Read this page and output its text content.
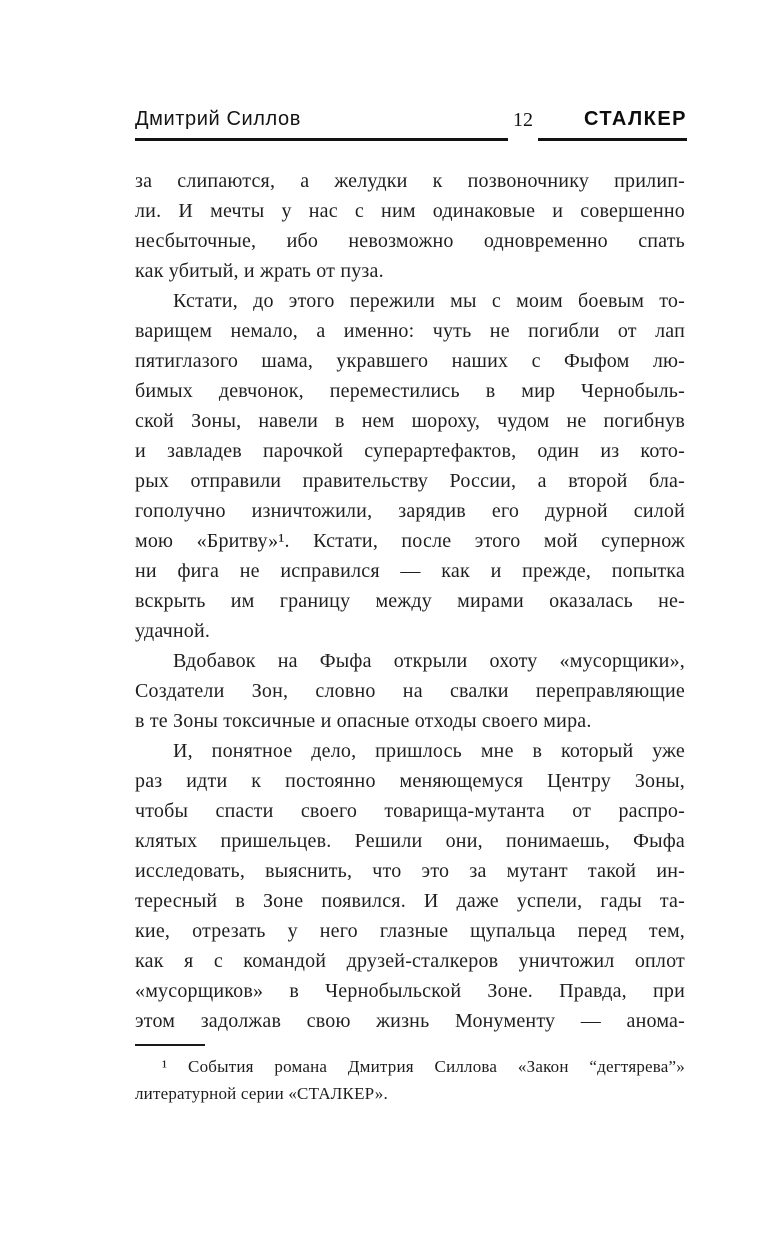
Дмитрий Силлов	12	СТАЛКЕР
за слипаются, а желудки к позвоночнику прилип-
ли. И мечты у нас с ним одинаковые и совершенно
несбыточные, ибо невозможно одновременно спать
как убитый, и жрать от пуза.
Кстати, до этого пережили мы с моим боевым то-
варищем немало, а именно: чуть не погибли от лап
пятиглазого шама, укравшего наших с Фыфом лю-
бимых девчонок, переместились в мир Чернобыль-
ской Зоны, навели в нем шороху, чудом не погибнув
и завладев парочкой суперартефактов, один из кото-
рых отправили правительству России, а второй бла-
гополучно изничтожили, зарядив его дурной силой
мою «Бритву»¹. Кстати, после этого мой супернож
ни фига не исправился — как и прежде, попытка
вскрыть им границу между мирами оказалась не-
удачной.
Вдобавок на Фыфа открыли охоту «мусорщики»,
Создатели Зон, словно на свалки переправляющие
в те Зоны токсичные и опасные отходы своего мира.
И, понятное дело, пришлось мне в который уже
раз идти к постоянно меняющемуся Центру Зоны,
чтобы спасти своего товарища-мутанта от распро-
клятых пришельцев. Решили они, понимаешь, Фыфа
исследовать, выяснить, что это за мутант такой ин-
тересный в Зоне появился. И даже успели, гады та-
кие, отрезать у него глазные щупальца перед тем,
как я с командой друзей-сталкеров уничтожил оплот
«мусорщиков» в Чернобыльской Зоне. Правда, при
этом задолжав свою жизнь Монументу — анома-
¹ События романа Дмитрия Силлова «Закон “дегтярева”»
литературной серии «СТАЛКЕР».
